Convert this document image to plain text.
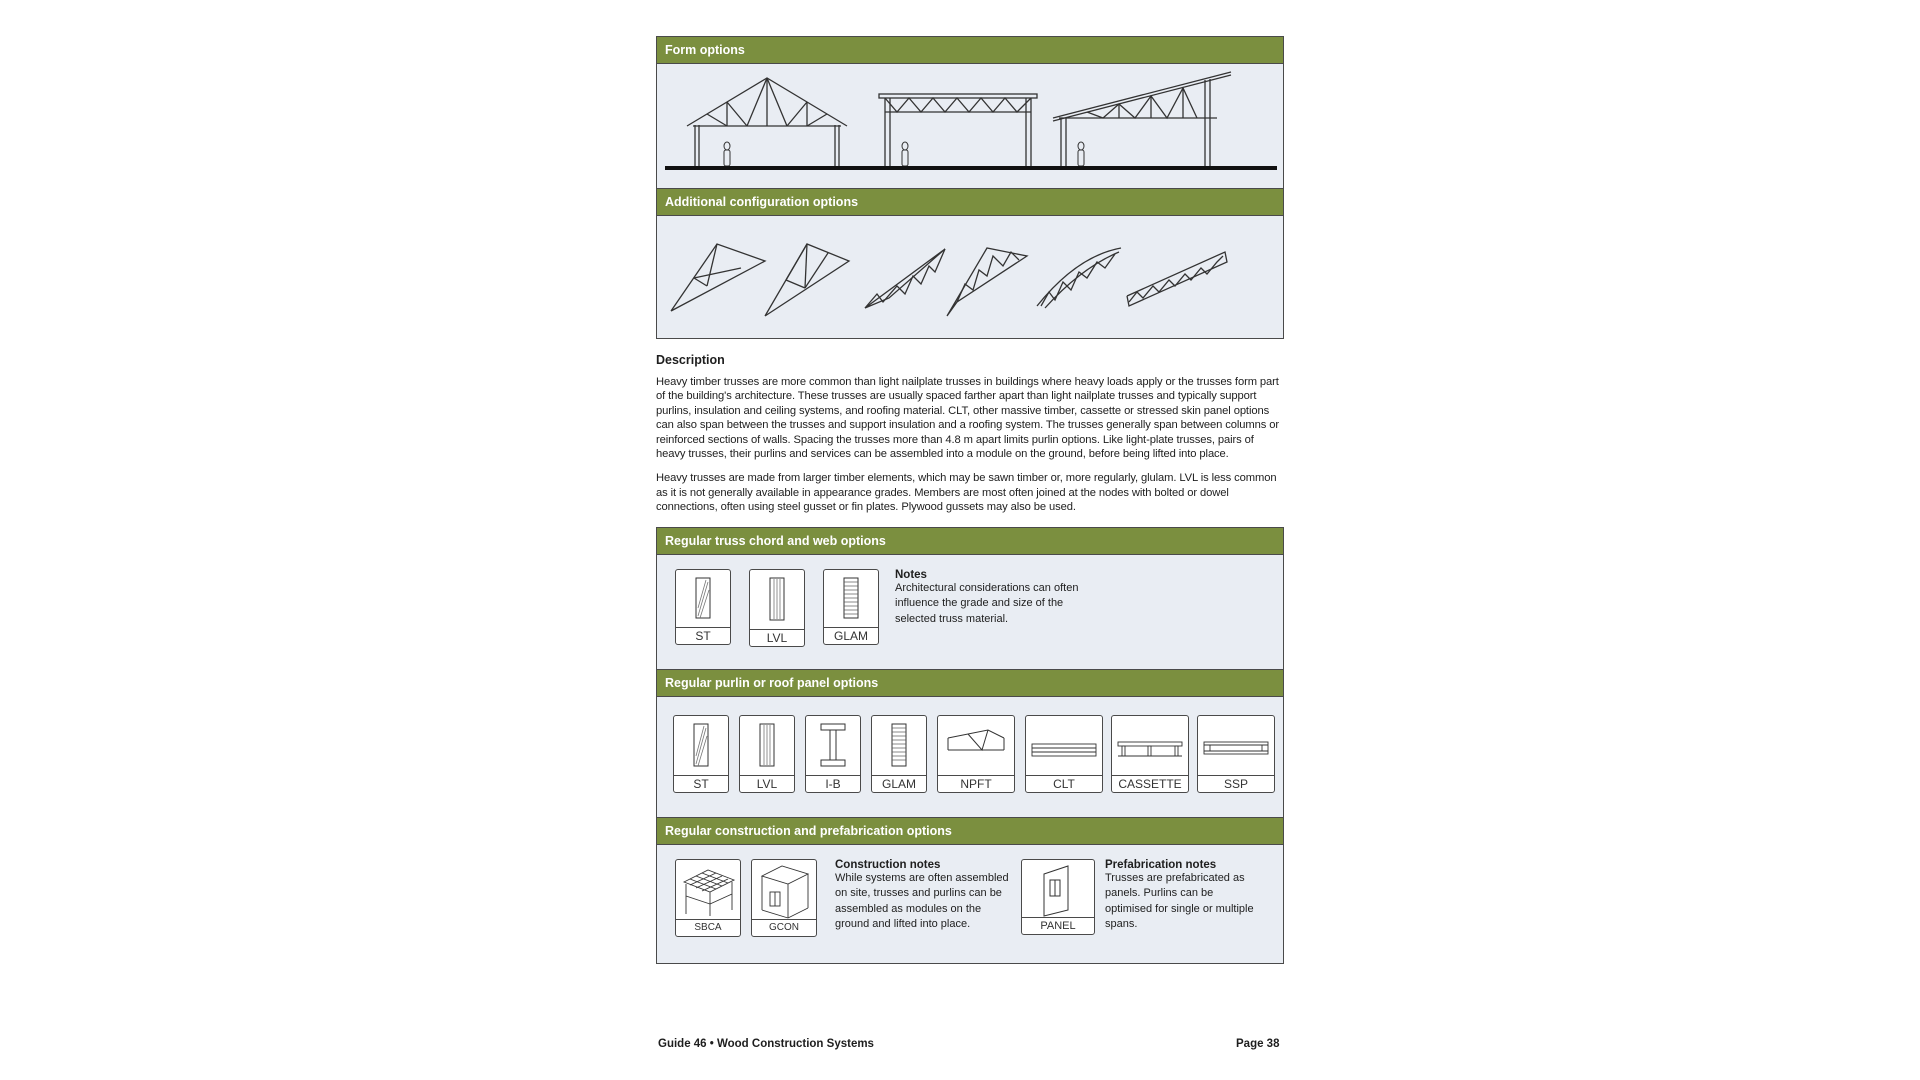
Form options
Additional configuration options
Description

Heavy timber trusses are more common than light nailplate trusses in buildings where heavy loads apply or the trusses form part of the building's architecture. These trusses are usually spaced farther apart than light nailplate trusses and typically support purlins, insulation and ceiling systems, and roofing material. CLT, other massive timber, cassette or stressed skin panel options can also span between the trusses and support insulation and a roofing system. The trusses generally span between columns or reinforced sections of walls. Spacing the trusses more than 4.8 m apart limits purlin options. Like light-plate trusses, pairs of heavy trusses, their purlins and services can be assembled into a module on the ground, before being lifted into place.

Heavy trusses are made from larger timber elements, which may be sawn timber or, more regularly, glulam. LVL is less common as it is not generally available in appearance grades. Members are most often joined at the nodes with bolted or dowel connections, often using steel gusset or fin plates. Plywood gussets may also be used.

Regular truss chord and web options
ST	LVL	GLAM
Notes
Architectural considerations can often influence the grade and size of the selected truss material.
Regular purlin or roof panel options
ST	LVL	I-B	GLAM	NPFT	CLT	CASSETTE	SSP
Regular construction and prefabrication options
SBCA	GCON
Construction notes
While systems are often assembled on site, trusses and purlins can be assembled as modules on the ground and lifted into place.	PANEL
Prefabrication notes
Trusses are prefabricated as panels. Purlins can be optimised for single or multiple spans.
Guide 46 • Wood Construction Systems	Page 38
